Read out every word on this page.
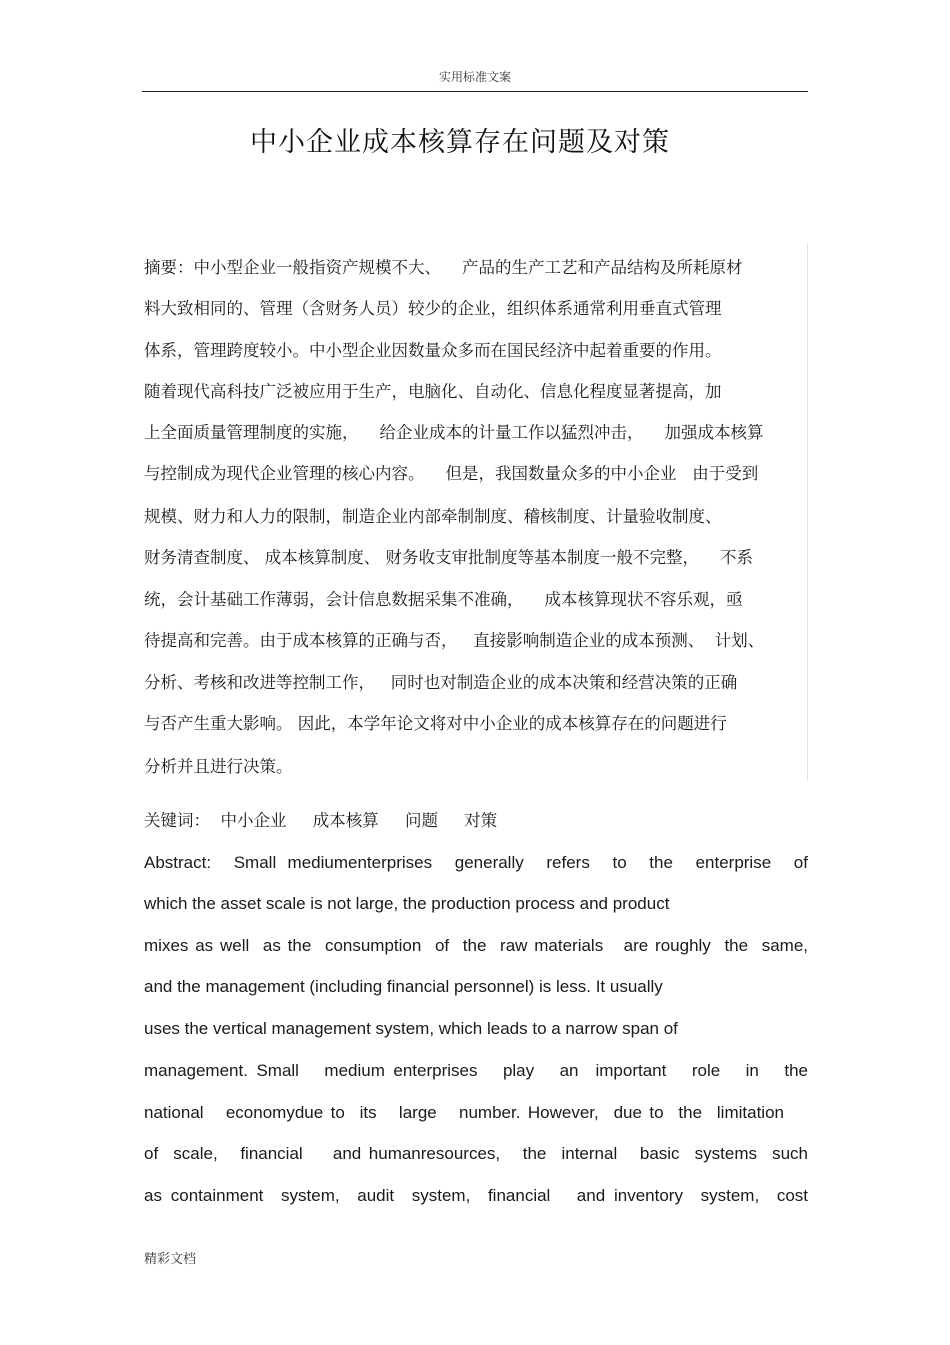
实用标准文案
中小企业成本核算存在问题及对策
摘要：中小型企业一般指资产规模不大、    产品的生产工艺和产品结构及所耗原材
料大致相同的、管理（含财务人员）较少的企业，组织体系通常利用垂直式管理
体系，管理跨度较小。中小型企业因数量众多而在国民经济中起着重要的作用。
随着现代高科技广泛被应用于生产，电脑化、自动化、信息化程度显著提高，加
上全面质量管理制度的实施，    给企业成本的计量工作以猛烈冲击，    加强成本核算
与控制成为现代企业管理的核心内容。    但是，我国数量众多的中小企业   由于受到
规模、财力和人力的限制，制造企业内部牵制制度、稽核制度、计量验收制度、
财务清查制度、 成本核算制度、 财务收支审批制度等基本制度一般不完整，    不系
统，会计基础工作薄弱，会计信息数据采集不准确，    成本核算现状不容乐观，亟
待提高和完善。由于成本核算的正确与否，   直接影响制造企业的成本预测、  计划、
分析、考核和改进等控制工作，   同时也对制造企业的成本决策和经营决策的正确
与否产生重大影响。 因此，本学年论文将对中小企业的成本核算存在的问题进行
分析并且进行决策。
关键词：  中小企业     成本核算     问题     对策
Abstract:  Small mediumenterprises  generally  refers  to  the  enterprise  of
which the asset scale is not large, the production process and product
mixes as well  as the  consumption  of  the  raw materials   are roughly  the  same,
and the management (including financial personnel) is less. It usually
uses the vertical management system, which leads to a narrow span of
management. Small   medium enterprises   play   an  important   role   in   the
national   economydue to  its   large   number. However,  due to  the  limitation
of  scale,   financial    and humanresources,   the  internal   basic  systems  such
as containment  system,  audit  system,  financial   and inventory  system,  cost
精彩文档
